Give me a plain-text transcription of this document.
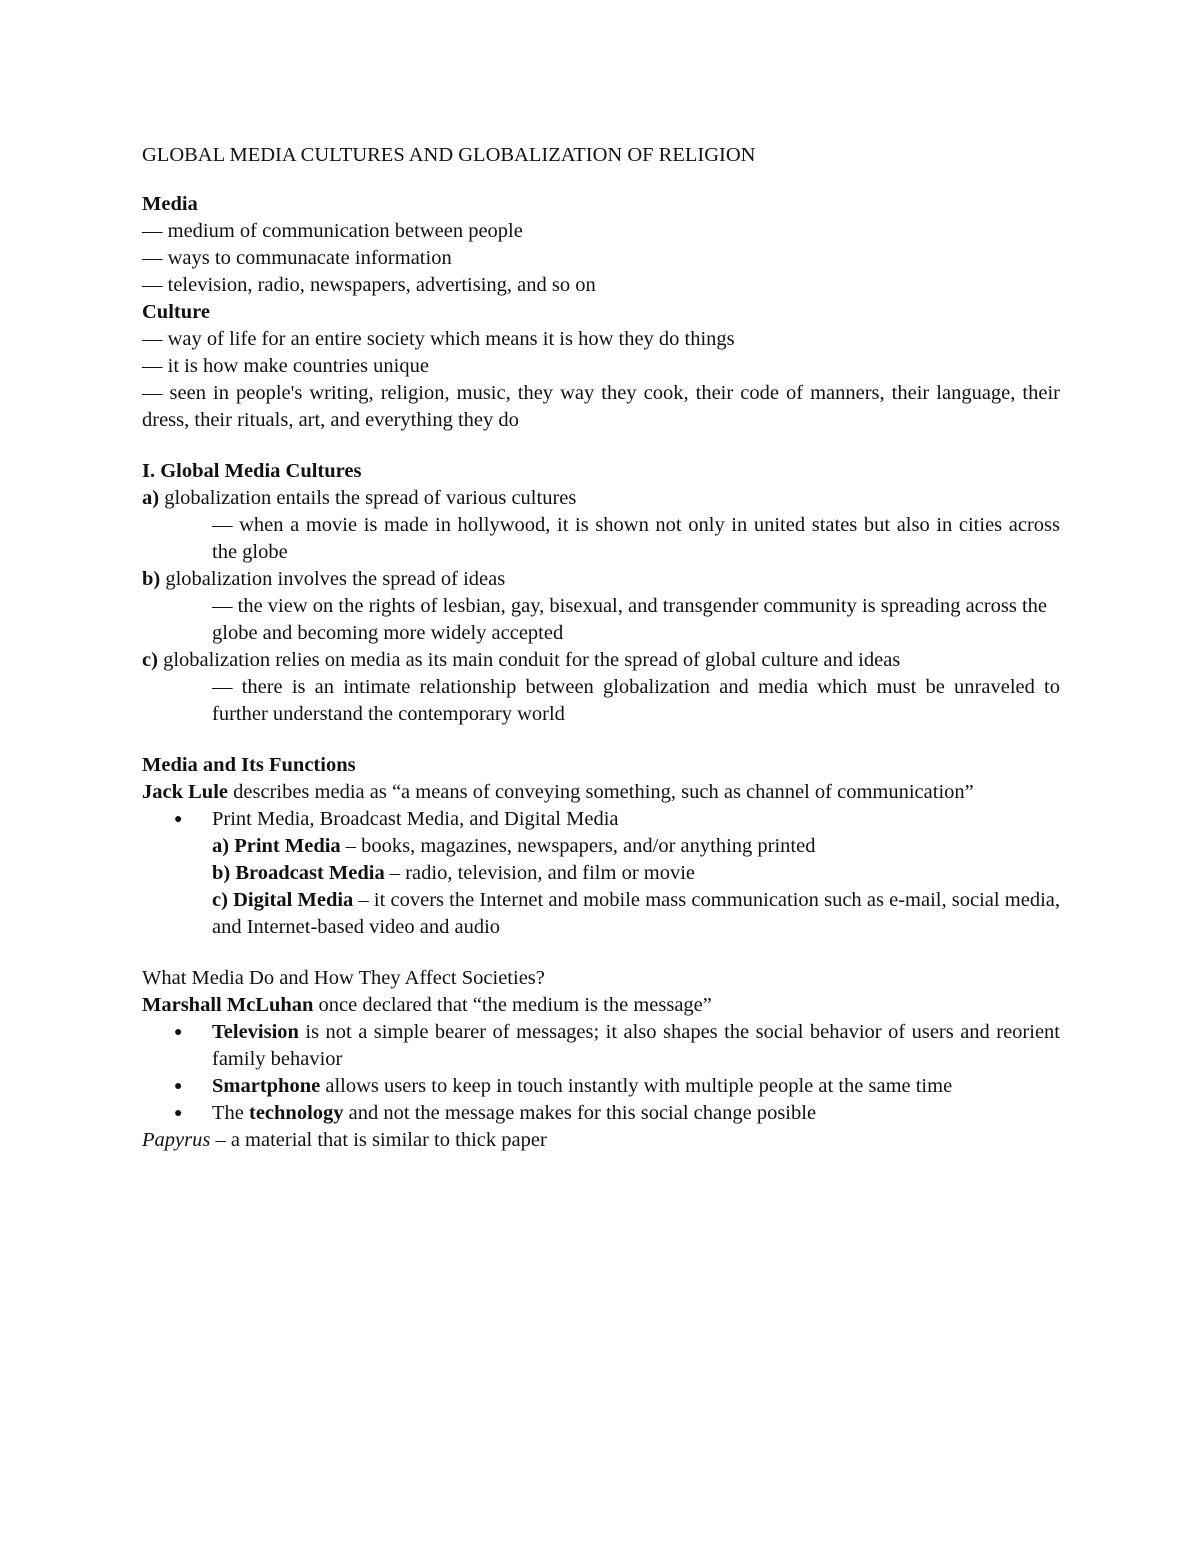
GLOBAL MEDIA CULTURES AND GLOBALIZATION OF RELIGION

Media

— medium of communication between people

— ways to communacate information

— television, radio, newspapers, advertising, and so on

Culture

— way of life for an entire society which means it is how they do things

— it is how make countries unique

— seen in people's writing, religion, music, they way they cook, their code of manners, their language, their dress, their rituals, art, and everything they do

I. Global Media Cultures

a) globalization entails the spread of various cultures

— when a movie is made in hollywood, it is shown not only in united states but also in cities across the globe

b) globalization involves the spread of ideas

— the view on the rights of lesbian, gay, bisexual, and transgender community is spreading across the globe and becoming more widely accepted

c) globalization relies on media as its main conduit for the spread of global culture and ideas

— there is an intimate relationship between globalization and media which must be unraveled to further understand the contemporary world

Media and Its Functions

Jack Lule describes media as “a means of conveying something, such as channel of communication”

● Print Media, Broadcast Media, and Digital Media

a) Print Media – books, magazines, newspapers, and/or anything printed

b) Broadcast Media – radio, television, and film or movie

c) Digital Media – it covers the Internet and mobile mass communication such as e-mail, social media, and Internet-based video and audio

What Media Do and How They Affect Societies?

Marshall McLuhan once declared that “the medium is the message”

● Television is not a simple bearer of messages; it also shapes the social behavior of users and reorient family behavior
● Smartphone allows users to keep in touch instantly with multiple people at the same time
● The technology and not the message makes for this social change posible

Papyrus – a material that is similar to thick paper
